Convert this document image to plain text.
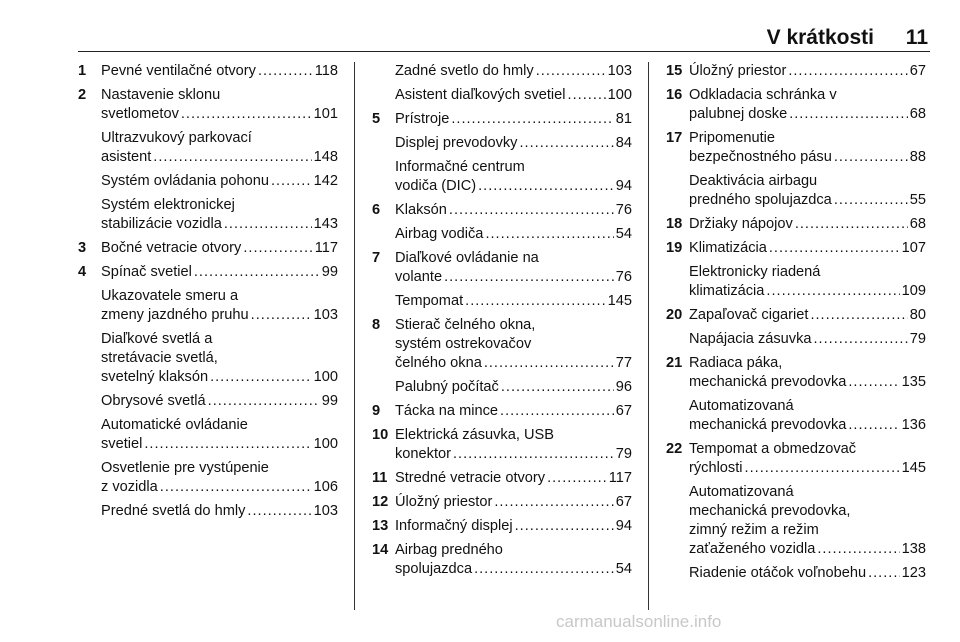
V krátkosti 11
1 Pevné ventilačné otvory .....	118
2 Nastavenie sklonu
svetlometov .....	101
Ultrazvukový parkovací
asistent .....	148
Systém ovládania pohonu .....	142
Systém elektronickej
stabilizácie vozidla .....	143
3 Bočné vetracie otvory .....	117
4 Spínač svetiel .....	99
Ukazovatele smeru a
zmeny jazdného pruhu .....	103
Diaľkové svetlá a
stretávacie svetlá,
svetelný klaksón .....	100
Obrysové svetlá .....	99
Automatické ovládanie
svetiel .....	100
Osvetlenie pre vystúpenie
z vozidla .....	106
Predné svetlá do hmly .....	103
Zadné svetlo do hmly .....	103
Asistent diaľkových svetiel .....	100
5 Prístroje .....	81
Displej prevodovky .....	84
Informačné centrum
vodiča (DIC) .....	94
6 Klaksón .....	76
Airbag vodiča .....	54
7 Diaľkové ovládanie na
volante .....	76
Tempomat .....	145
8 Stierač čelného okna,
systém ostrekovačov
čelného okna .....	77
Palubný počítač .....	96
9 Tácka na mince .....	67
10 Elektrická zásuvka, USB
konektor .....	79
11 Stredné vetracie otvory .....	117
12 Úložný priestor .....	67
13 Informačný displej .....	94
14 Airbag predného
spolujazdca .....	54
15 Úložný priestor .....	67
16 Odkladacia schránka v
palubnej doske .....	68
17 Pripomenutie
bezpečnostného pásu .....	88
Deaktivácia airbagu
predného spolujazdca .....	55
18 Držiaky nápojov .....	68
19 Klimatizácia .....	107
Elektronicky riadená
klimatizácia .....	109
20 Zapaľovač cigariet .....	80
Napájacia zásuvka .....	79
21 Radiaca páka,
mechanická prevodovka .....	135
Automatizovaná
mechanická prevodovka .....	136
22 Tempomat a obmedzovač
rýchlosti .....	145
Automatizovaná
mechanická prevodovka,
zimný režim a režim
zaťaženého vozidla .....	138
Riadenie otáčok voľnobehu ..... 123
carmanualsonline.info
